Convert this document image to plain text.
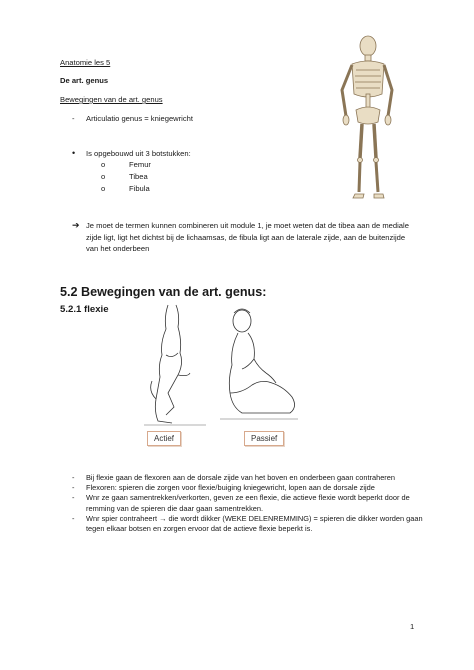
Anatomie les 5
De art. genus
Bewegingen van de art. genus
- Articulatio genus = kniegewricht
• Is opgebouwd uit 3 botstukken:
o	Femur
o	Tibea
o	Fibula
➔ Je moet de termen kunnen combineren uit module 1, je moet weten dat de tibea aan de mediale zijde ligt, ligt het dichtst bij de lichaamsas, de fibula ligt aan de laterale zijde, aan de buitenzijde van het onderbeen
5.2 Bewegingen van de art. genus:
5.2.1 flexie
Actief	Passief
- Bij flexie gaan de flexoren aan de dorsale zijde van het boven en onderbeen gaan contraheren
- Flexoren: spieren die zorgen voor flexie/buiging kniegewricht, lopen aan de dorsale zijde
- Wnr ze gaan samentrekken/verkorten, geven ze een flexie, die actieve flexie wordt beperkt door de remming van de spieren die daar gaan samentrekken.
- Wnr spier contraheert → die wordt dikker (WEKE DELENREMMING) = spieren die dikker worden gaan tegen elkaar botsen en zorgen ervoor dat de actieve flexie beperkt is.
1
